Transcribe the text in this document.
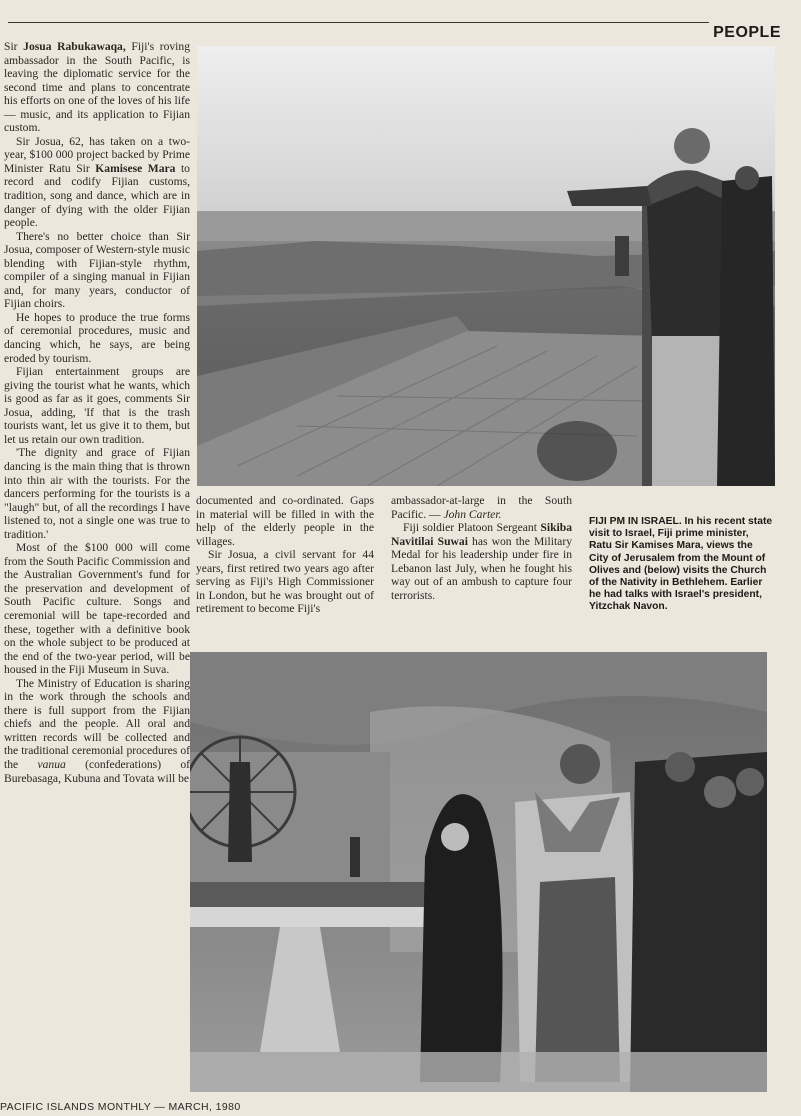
PEOPLE

Sir Josua Rabukawaqa, Fiji's roving ambassador in the South Pacific, is leaving the diplomatic service for the second time and plans to concentrate his efforts on one of the loves of his life — music, and its application to Fijian custom.

Sir Josua, 62, has taken on a two-year, $100 000 project backed by Prime Minister Ratu Sir Kamisese Mara to record and codify Fijian customs, tradition, song and dance, which are in danger of dying with the older Fijian people.

There's no better choice than Sir Josua, composer of Western-style music blending with Fijian-style rhythm, compiler of a singing manual in Fijian and, for many years, conductor of Fijian choirs.

He hopes to produce the true forms of ceremonial procedures, music and dancing which, he says, are being eroded by tourism.

Fijian entertainment groups are giving the tourist what he wants, which is good as far as it goes, comments Sir Josua, adding, 'If that is the trash tourists want, let us give it to them, but let us retain our own tradition.

'The dignity and grace of Fijian dancing is the main thing that is thrown into thin air with the tourists. For the dancers performing for the tourists is a "laugh" but, of all the recordings I have listened to, not a single one was true to tradition.'

Most of the $100 000 will come from the South Pacific Commission and the Australian Government's fund for the preservation and development of South Pacific culture. Songs and ceremonial will be tape-recorded and these, together with a definitive book on the whole subject to be produced at the end of the two-year period, will be housed in the Fiji Museum in Suva.

The Ministry of Education is sharing in the work through the schools and there is full support from the Fijian chiefs and the people. All oral and written records will be collected and the traditional ceremonial procedures of the vanua (confederations) of Burebasaga, Kubuna and Tovata will be

documented and co-ordinated. Gaps in material will be filled in with the help of the elderly people in the villages.

Sir Josua, a civil servant for 44 years, first retired two years ago after serving as Fiji's High Commissioner in London, but he was brought out of retirement to become Fiji's

ambassador-at-large in the South Pacific. — John Carter.

Fiji soldier Platoon Sergeant Sikiba Navitilai Suwai has won the Military Medal for his leadership under fire in Lebanon last July, when he fought his way out of an ambush to capture four terrorists.

FIJI PM IN ISRAEL. In his recent state visit to Israel, Fiji prime minister, Ratu Sir Kamises Mara, views the City of Jerusalem from the Mount of Olives and (below) visits the Church of the Nativity in Bethlehem. Earlier he had talks with Israel's president, Yitzchak Navon.
PACIFIC ISLANDS MONTHLY — MARCH, 1980
